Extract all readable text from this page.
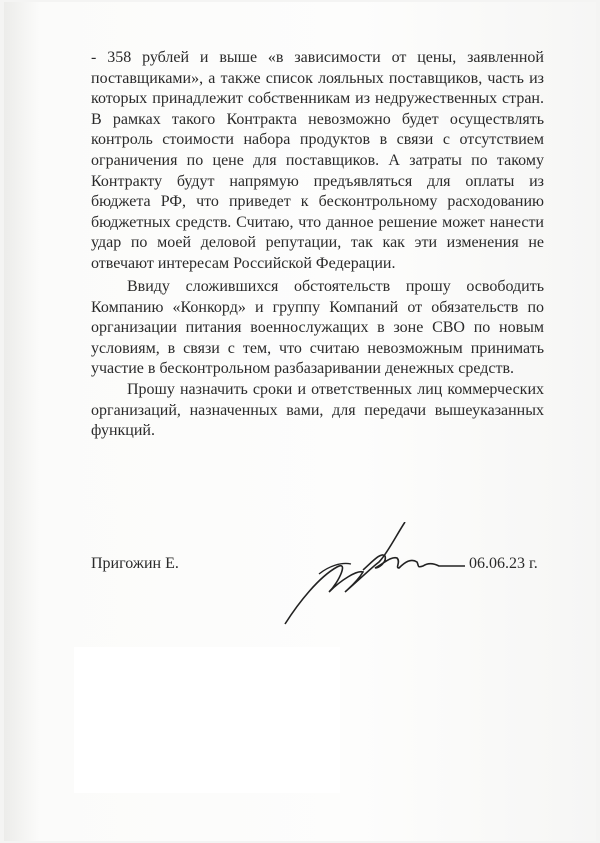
- 358 рублей и выше «в зависимости от цены, заявленной
поставщиками», а также список лояльных поставщиков, часть из
которых принадлежит собственникам из недружественных стран.
В рамках такого Контракта невозможно будет осуществлять
контроль стоимости набора продуктов в связи с отсутствием
ограничения по цене для поставщиков. А затраты по такому
Контракту будут напрямую предъявляться для оплаты из
бюджета РФ, что приведет к бесконтрольному расходованию
бюджетных средств. Считаю, что данное решение может нанести
удар по моей деловой репутации, так как эти изменения не
отвечают интересам Российской Федерации.
Ввиду сложившихся обстоятельств прошу освободить
Компанию «Конкорд» и группу Компаний от обязательств по
организации питания военнослужащих в зоне СВО по новым
условиям, в связи с тем, что считаю невозможным принимать
участие в бесконтрольном разбазаривании денежных средств.
Прошу назначить сроки и ответственных лиц коммерческих
организаций, назначенных вами, для передачи вышеуказанных
функций.
Пригожин Е.	06.06.23 г.
